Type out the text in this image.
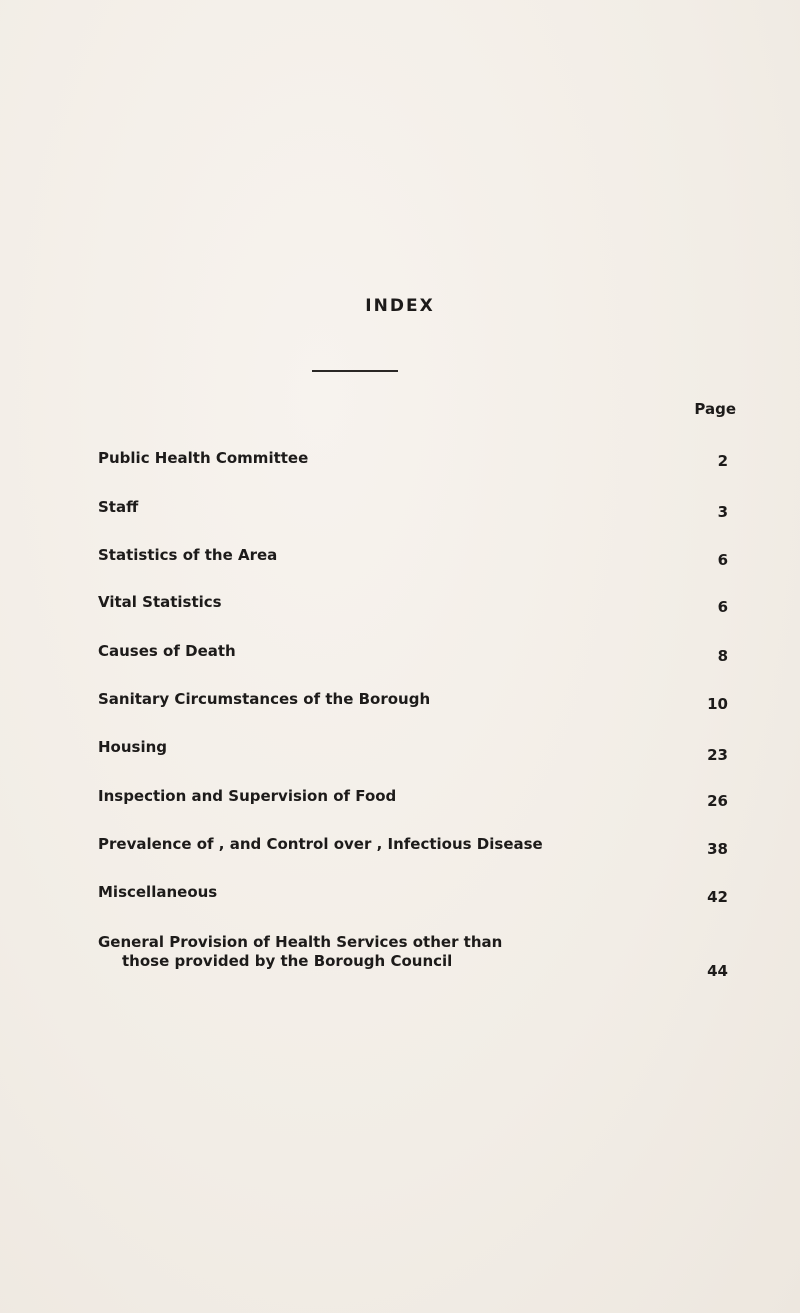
INDEX
Page
Public Health Committee	2
Staff	3
Statistics of the Area	6
Vital Statistics	6
Causes of Death	8
Sanitary Circumstances of the Borough	10
Housing	23
Inspection and Supervision of Food	26
Prevalence of , and Control over , Infectious Disease	38
Miscellaneous	42
General Provision of Health Services other than
those provided by the Borough Council
44
